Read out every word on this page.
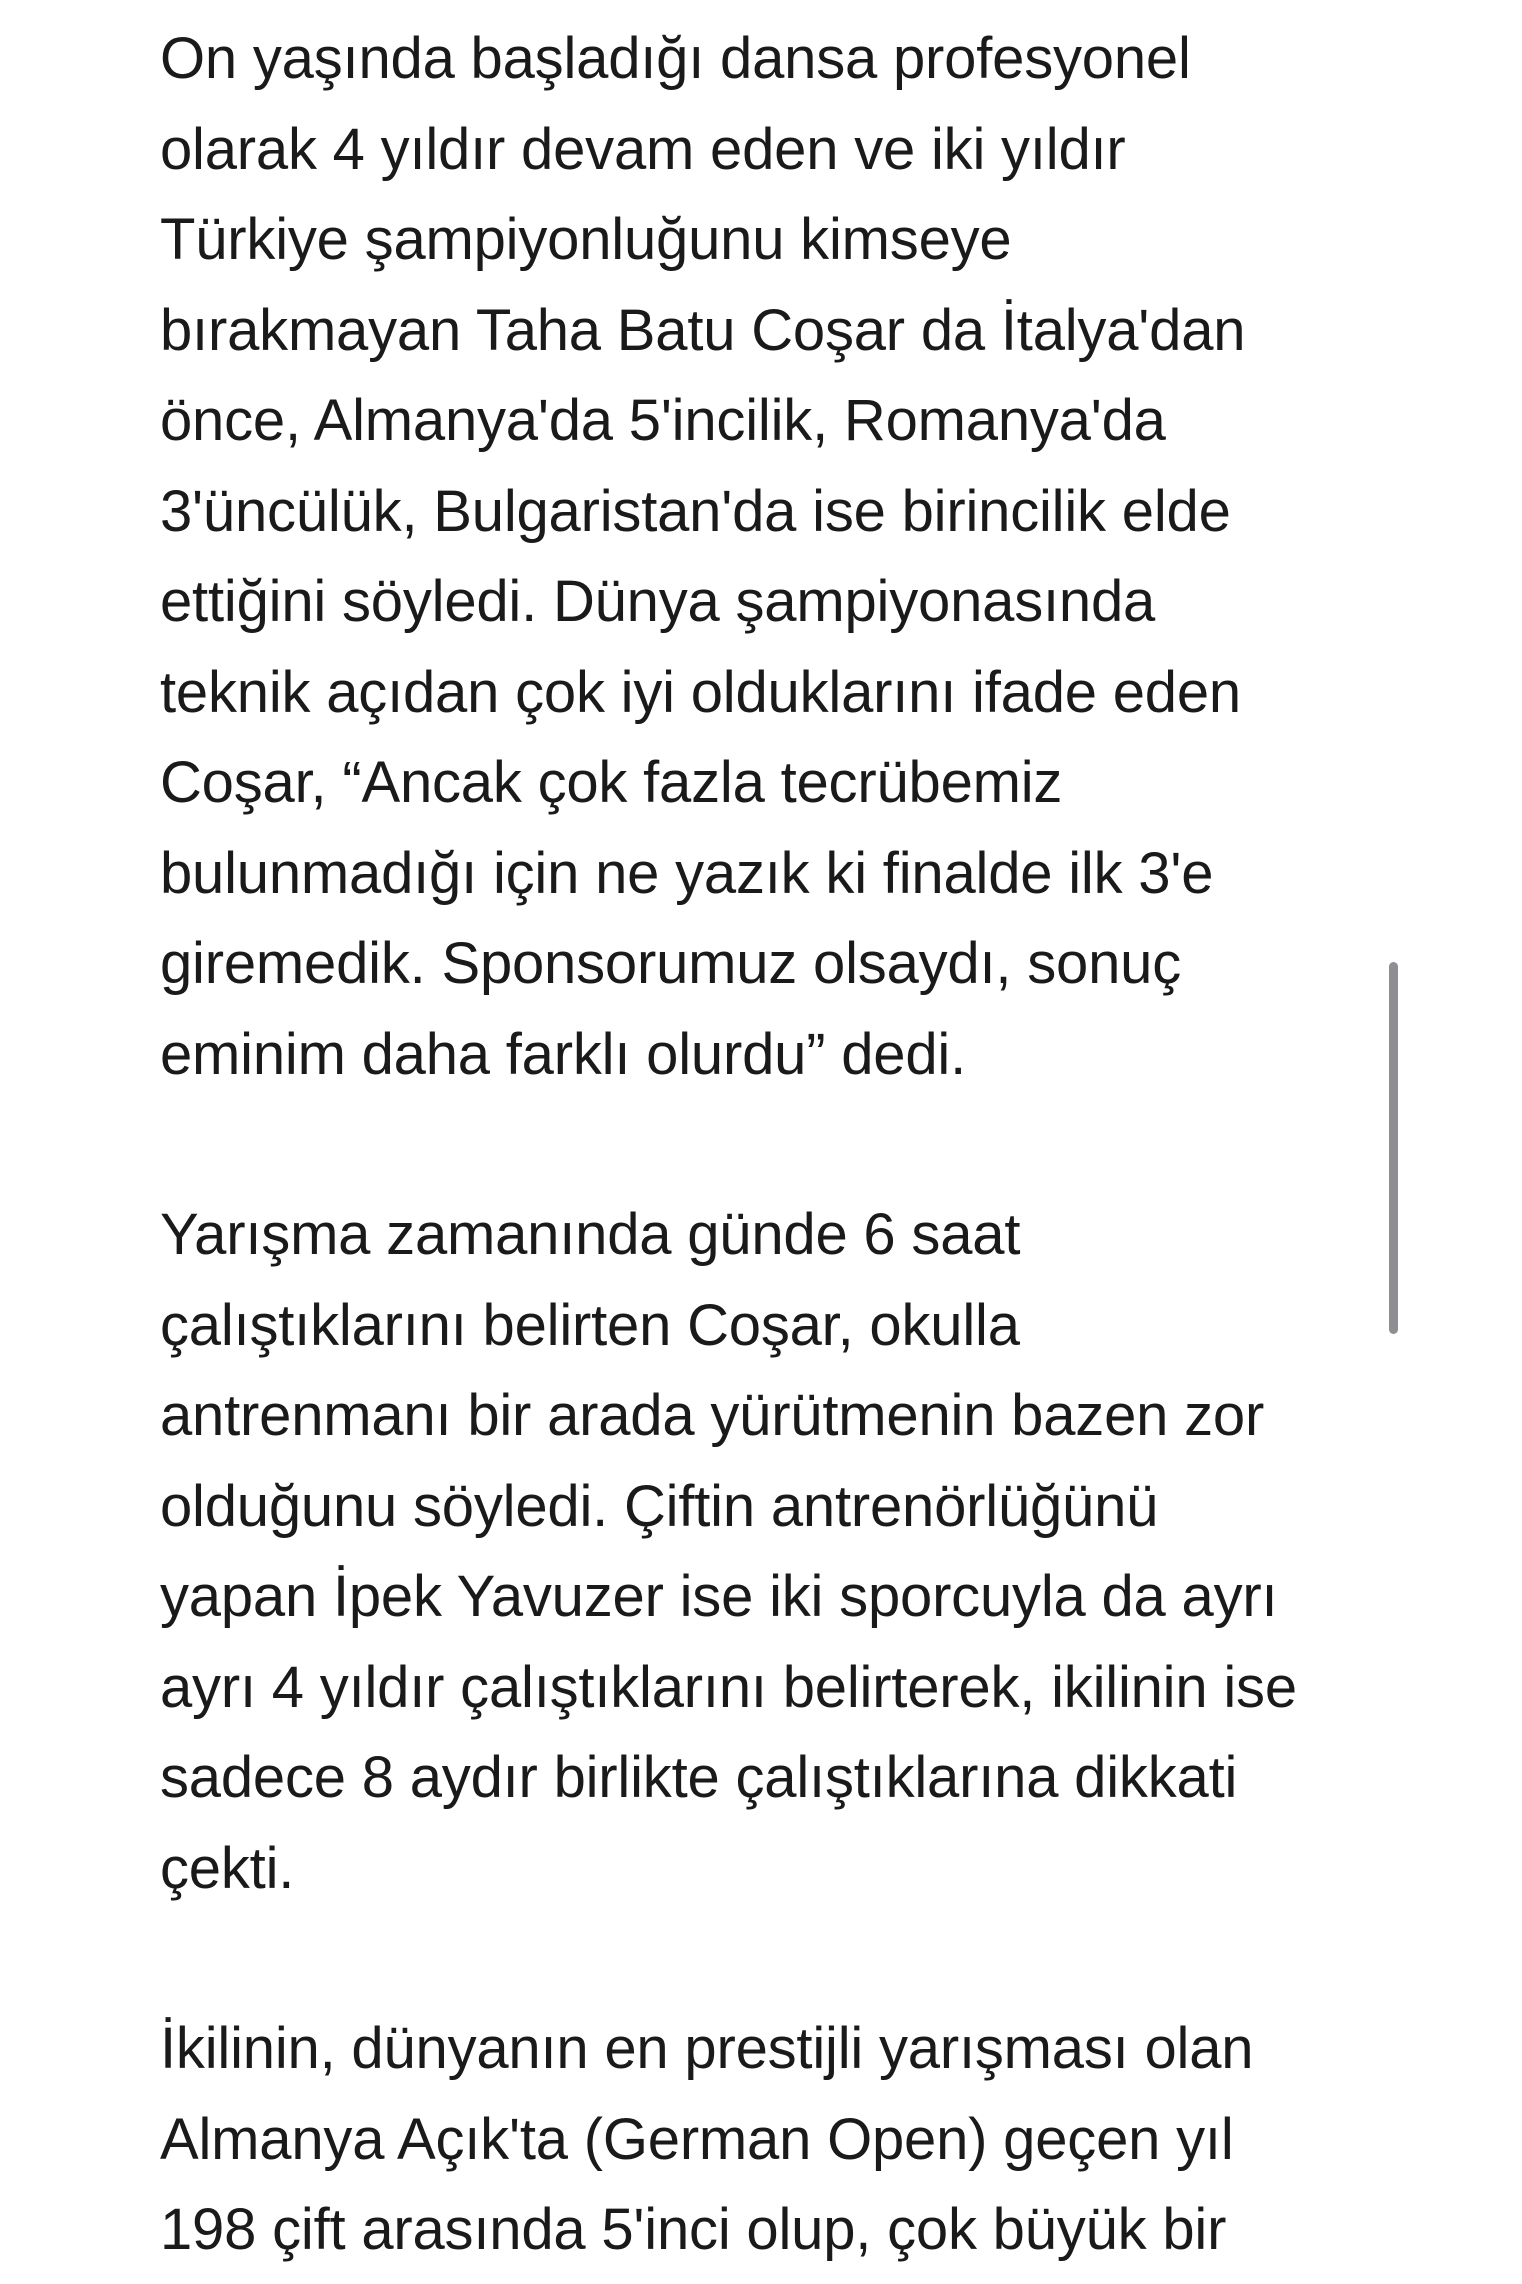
On yaşında başladığı dansa profesyonel
olarak 4 yıldır devam eden ve iki yıldır
Türkiye şampiyonluğunu kimseye
bırakmayan Taha Batu Coşar da İtalya'dan
önce, Almanya'da 5'incilik, Romanya'da
3'üncülük, Bulgaristan'da ise birincilik elde
ettiğini söyledi. Dünya şampiyonasında
teknik açıdan çok iyi olduklarını ifade eden
Coşar, “Ancak çok fazla tecrübemiz
bulunmadığı için ne yazık ki finalde ilk 3'e
giremedik. Sponsorumuz olsaydı, sonuç
eminim daha farklı olurdu” dedi.

Yarışma zamanında günde 6 saat
çalıştıklarını belirten Coşar, okulla
antrenmanı bir arada yürütmenin bazen zor
olduğunu söyledi. Çiftin antrenörlüğünü
yapan İpek Yavuzer ise iki sporcuyla da ayrı
ayrı 4 yıldır çalıştıklarını belirterek, ikilinin ise
sadece 8 aydır birlikte çalıştıklarına dikkati
çekti.

İkilinin, dünyanın en prestijli yarışması olan
Almanya Açık'ta (German Open) geçen yıl
198 çift arasında 5'inci olup, çok büyük bir
